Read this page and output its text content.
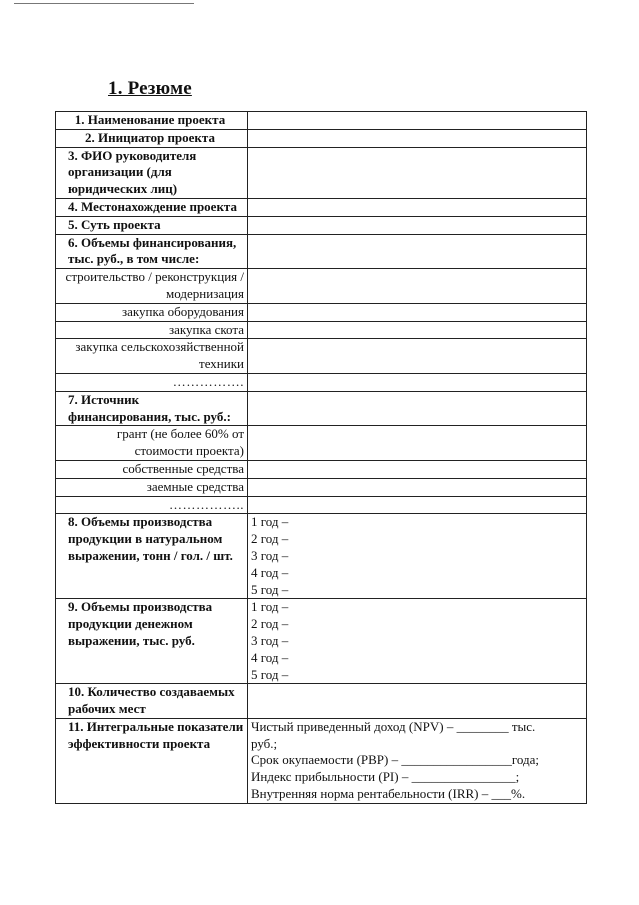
1. Резюме
1. Наименование проекта	
2. Инициатор проекта	
3. ФИО руководителя организации (для юридических лиц)	
4. Местонахождение проекта	
5. Суть проекта	
6. Объемы финансирования, тыс. руб., в том числе:	
строительство / реконструкция / модернизация	
закупка оборудования	
закупка скота	
закупка сельскохозяйственной техники	
…………….	
7. Источник финансирования, тыс. руб.:	
грант (не более 60% от стоимости проекта)	
собственные средства	
заемные средства	
……………..	
8. Объемы производства продукции в натуральном выражении, тонн / гол. / шт.	1 год –
2 год –
3 год –
4 год –
5 год –

9. Объемы производства продукции денежном выражении, тыс. руб.	1 год –
2 год –
3 год –
4 год –
5 год –

10. Количество создаваемых рабочих мест	
11. Интегральные показатели эффективности проекта	Чистый приведенный доход (NPV) – ________ тыс.
руб.;
Срок окупаемости (PBP) – _________________года;
Индекс прибыльности (PI) – ________________;
Внутренняя норма рентабельности (IRR) – ___%.
